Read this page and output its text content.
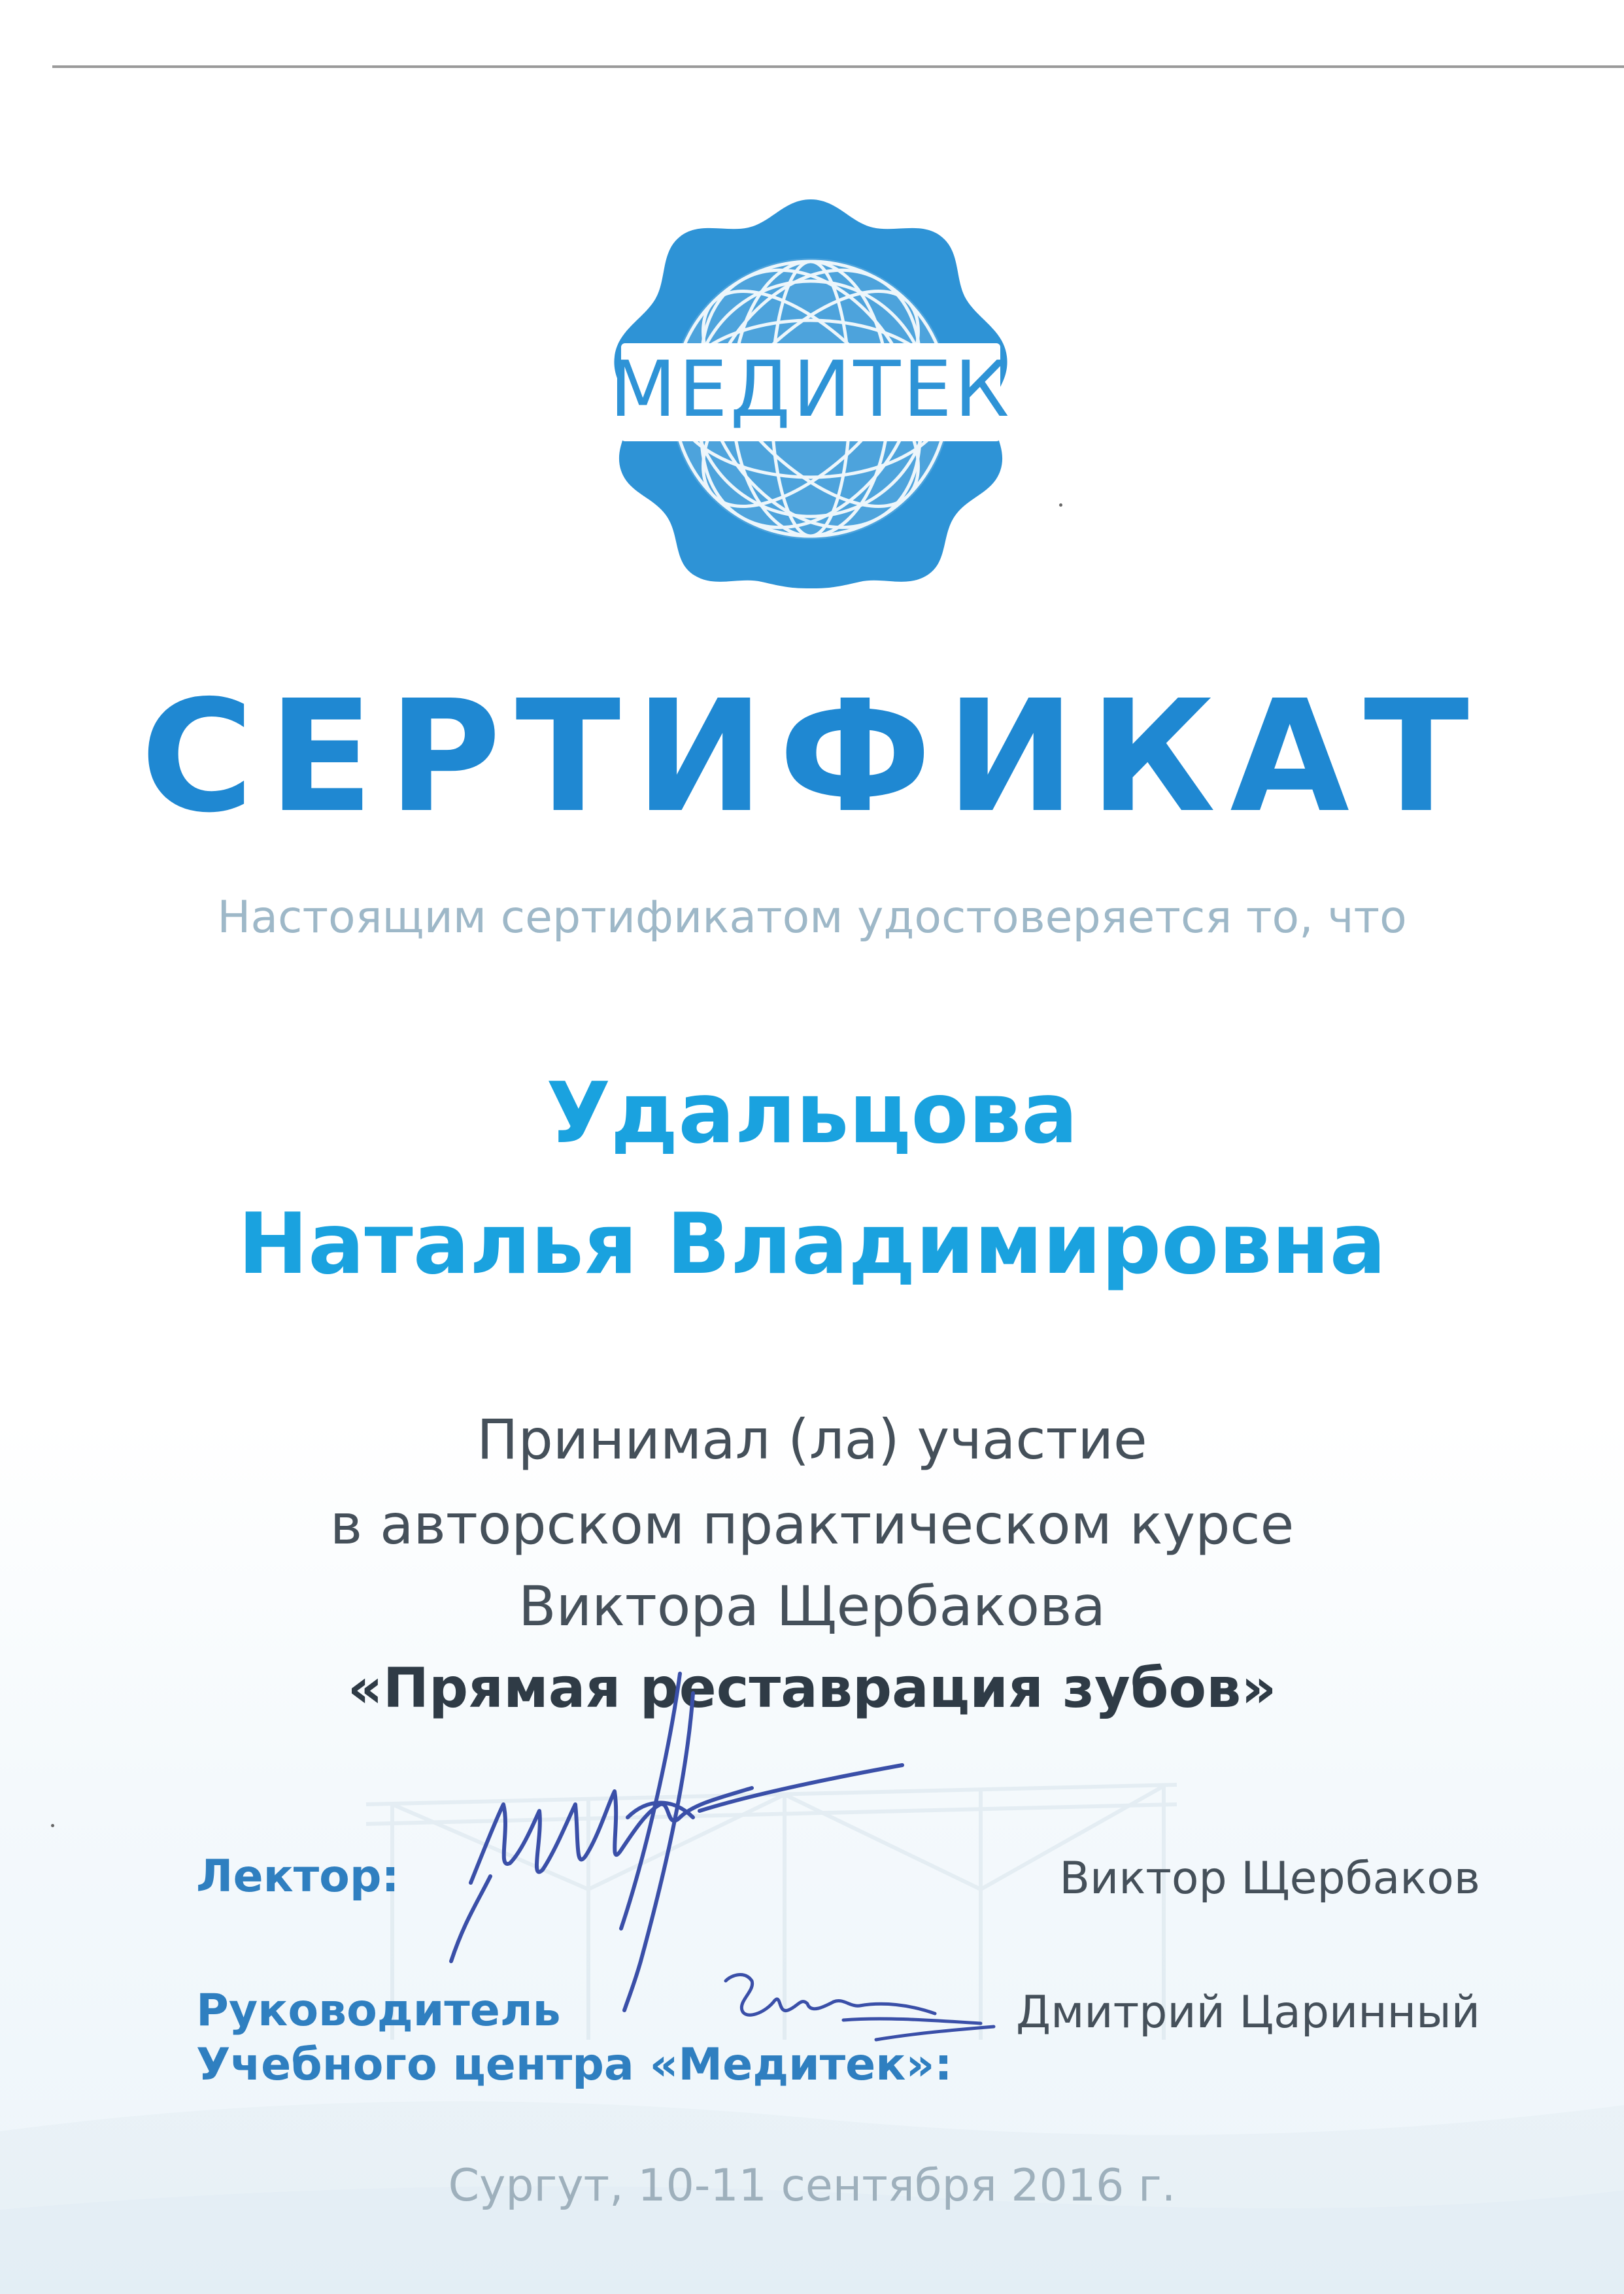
МЕДИТЕК
СЕРТИФИКАТ
Настоящим сертификатом удостоверяется то, что
Удальцова
Наталья Владимировна
Принимал (ла) участие
в авторском практическом курсе
Виктора Щербакова
«Прямая реставрация зубов»
Лектор:	Виктор Щербаков
Руководитель
Учебного центра «Медитек»:
Дмитрий Царинный
Сургут, 10-11 сентября 2016 г.
